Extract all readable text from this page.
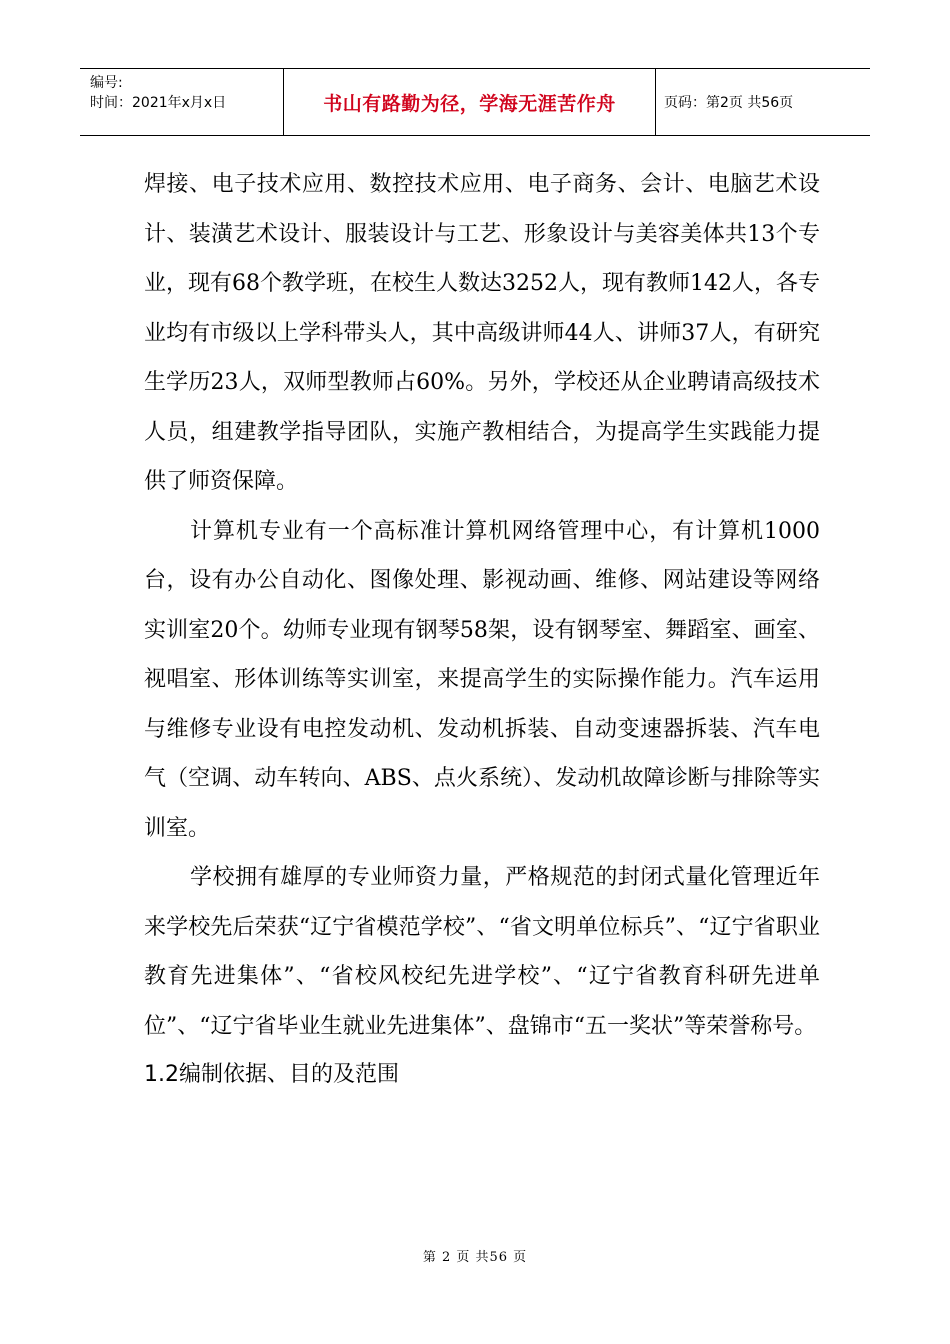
编号:
时间：2021年x月x日	书山有路勤为径，学海无涯苦作舟	页码：第2页 共56页

焊接、电子技术应用、数控技术应用、电子商务、会计、电脑艺术设计、装潢艺术设计、服装设计与工艺、形象设计与美容美体共13个专业，现有68个教学班，在校生人数达3252人，现有教师142人，各专业均有市级以上学科带头人，其中高级讲师44人、讲师37人，有研究生学历23人，双师型教师占60%。另外，学校还从企业聘请高级技术人员，组建教学指导团队，实施产教相结合，为提高学生实践能力提供了师资保障。

计算机专业有一个高标准计算机网络管理中心，有计算机1000台，设有办公自动化、图像处理、影视动画、维修、网站建设等网络实训室20个。幼师专业现有钢琴58架，设有钢琴室、舞蹈室、画室、视唱室、形体训练等实训室，来提高学生的实际操作能力。汽车运用与维修专业设有电控发动机、发动机拆装、自动变速器拆装、汽车电气（空调、动车转向、ABS、点火系统）、发动机故障诊断与排除等实训室。

学校拥有雄厚的专业师资力量，严格规范的封闭式量化管理近年来学校先后荣获“辽宁省模范学校”、“省文明单位标兵”、“辽宁省职业教育先进集体”、“省校风校纪先进学校”、“辽宁省教育科研先进单位”、“辽宁省毕业生就业先进集体”、盘锦市“五一奖状”等荣誉称号。

1.2编制依据、目的及范围
第 2 页 共56 页
